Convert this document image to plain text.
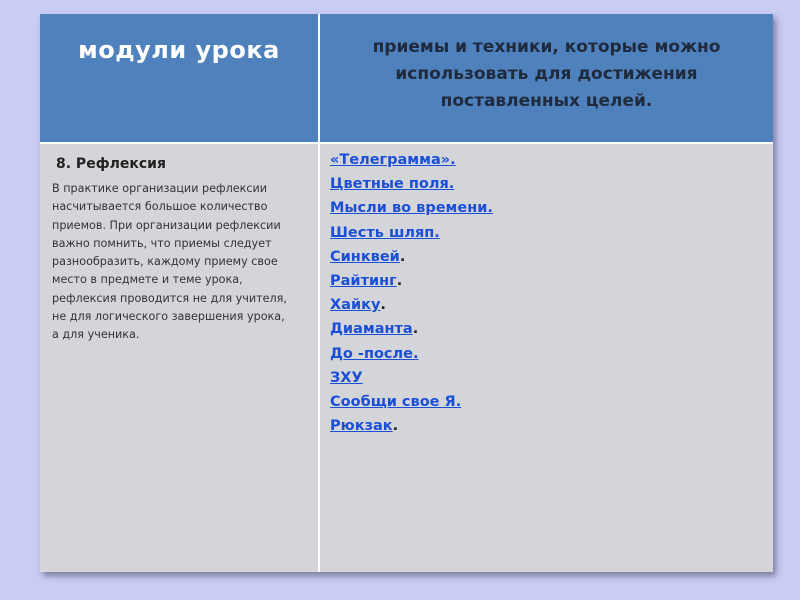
модули урока	приемы и техники, которые можно
использовать для достижения
поставленных целей.
8. Рефлексия
В практике организации рефлексии
насчитывается большое количество
приемов. При организации рефлексии
важно помнить, что приемы следует
разнообразить, каждому приему свое
место в предмете и теме урока,
рефлексия проводится не для учителя,
не для логического завершения урока,
а для ученика.
«Телеграмма».
Цветные поля.
Мысли во времени.
Шесть шляп.
Синквей.
Райтинг.
Хайку.
Диаманта.
До -после.
ЗХУ
Сообщи свое Я.
Рюкзак.
